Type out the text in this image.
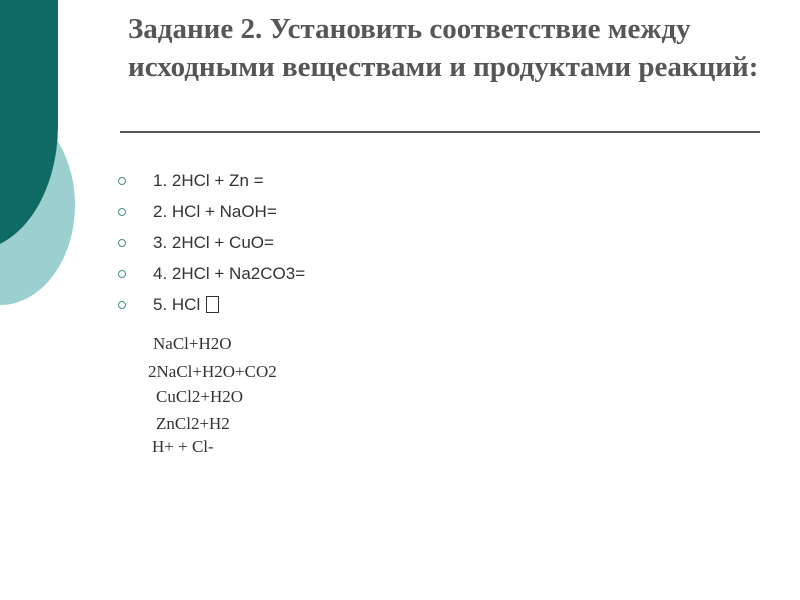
Задание 2. Установить соответствие между исходными веществами и продуктами реакций:
1. 2HCl + Zn =
2. HCl + NaOH=
3. 2HCl + CuO=
4. 2HCl + Na2CO3=
5. HCl
NaCl+H2O
2NaCl+H2O+CO2
CuCl2+H2O
ZnCl2+H2
H+ + Cl-
